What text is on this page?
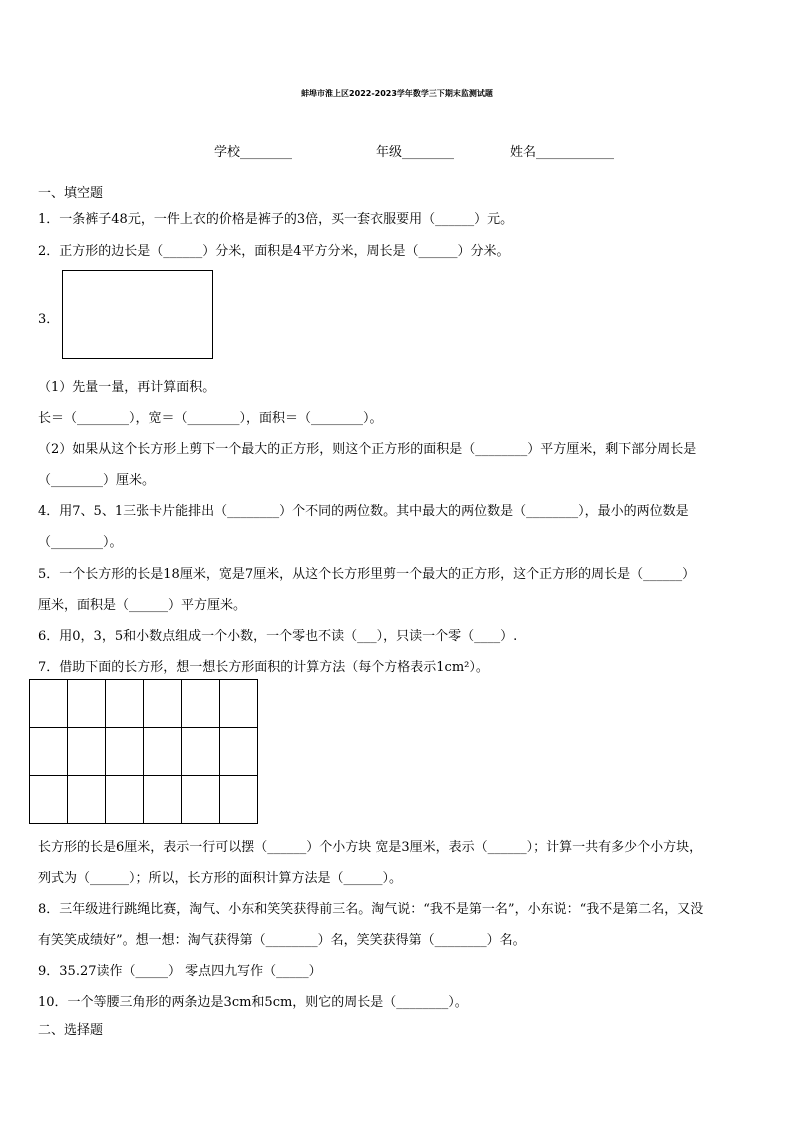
蚌埠市淮上区2022-2023学年数学三下期末监测试题
学校________	年级________	姓名____________
一、填空题
1．一条裤子48元，一件上衣的价格是裤子的3倍，买一套衣服要用（______）元。
2．正方形的边长是（______）分米，面积是4平方分米，周长是（______）分米。
3．
（1）先量一量，再计算面积。
长＝（________），宽＝（________），面积＝（________）。
（2）如果从这个长方形上剪下一个最大的正方形，则这个正方形的面积是（________）平方厘米，剩下部分周长是
（________）厘米。
4．用7、5、1三张卡片能排出（________）个不同的两位数。其中最大的两位数是（________），最小的两位数是
（________）。
5．一个长方形的长是18厘米，宽是7厘米，从这个长方形里剪一个最大的正方形，这个正方形的周长是（______）
厘米，面积是（______）平方厘米。
6．用0，3，5和小数点组成一个小数，一个零也不读（___），只读一个零（____）.
7．借助下面的长方形，想一想长方形面积的计算方法（每个方格表示1cm²）。

长方形的长是6厘米，表示一行可以摆（______）个小方块 宽是3厘米，表示（______）；计算一共有多少个小方块，
列式为（______）；所以，长方形的面积计算方法是（______）。
8．三年级进行跳绳比赛，淘气、小东和笑笑获得前三名。淘气说：“我不是第一名”，小东说：“我不是第二名，又没
有笑笑成绩好”。想一想：淘气获得第（________）名，笑笑获得第（________）名。
9．35.27读作（_____） 零点四九写作（_____）
10．一个等腰三角形的两条边是3cm和5cm，则它的周长是（________）。
二、选择题
